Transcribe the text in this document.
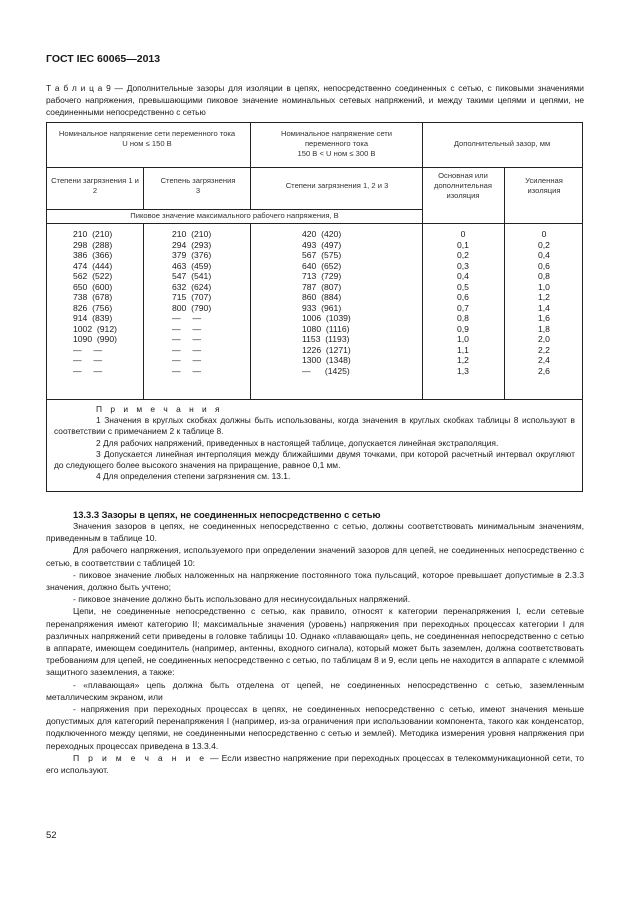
ГОСТ IEC 60065—2013
Т а б л и ц а 9 — Дополнительные зазоры для изоляции в цепях, непосредственно соединенных с сетью, с пиковыми значениями рабочего напряжения, превышающими пиковое значение номинальных сетевых напряжений, и между такими цепями и цепями, не соединенными непосредственно с сетью
Номинальное напряжение сети переменного тока
U ном ≤ 150 В
Номинальное напряжение сети переменного тока
150 В < U ном ≤ 300 В
Дополнительный зазор, мм
Степени загрязнения 1 и 2
Степень загрязнения 3
Степени загрязнения 1, 2 и 3
Основная или дополнительная изоляция
Усиленная изоляция
Пиковое значение максимального рабочего напряжения, В
210  (210)
298  (288)
386  (366)
474  (444)
562  (522)
650  (600)
738  (678)
826  (756)
914  (839)
1002  (912)
1090  (990)
—     —
—     —
—     —
210  (210)
294  (293)
379  (376)
463  (459)
547  (541)
632  (624)
715  (707)
800  (790)
—     —
—     —
—     —
—     —
—     —
—     —
420  (420)
493  (497)
567  (575)
640  (652)
713  (729)
787  (807)
860  (884)
933  (961)
1006  (1039)
1080  (1116)
1153  (1193)
1226  (1271)
1300  (1348)
—      (1425)
0
0,1
0,2
0,3
0,4
0,5
0,6
0,7
0,8
0,9
1,0
1,1
1,2
1,3
0
0,2
0,4
0,6
0,8
1,0
1,2
1,4
1,6
1,8
2,0
2,2
2,4
2,6
П р и м е ч а н и я
1 Значения в круглых скобках должны быть использованы, когда значения в круглых скобках таблицы 8 используют в соответствии с примечанием 2 к таблице 8.
2 Для рабочих напряжений, приведенных в настоящей таблице, допускается линейная экстраполяция.
3 Допускается линейная интерполяция между ближайшими двумя точками, при которой расчетный интервал округляют до следующего более высокого значения на приращение, равное 0,1 мм.
4 Для определения степени загрязнения см. 13.1.
13.3.3 Зазоры в цепях, не соединенных непосредственно с сетью

Значения зазоров в цепях, не соединенных непосредственно с сетью, должны соответствовать минимальным значениям, приведенным в таблице 10.

Для рабочего напряжения, используемого при определении значений зазоров для цепей, не соединенных непосредственно с сетью, в соответствии с таблицей 10:

- пиковое значение любых наложенных на напряжение постоянного тока пульсаций, которое превышает допустимые в 2.3.3 значения, должно быть учтено;

- пиковое значение должно быть использовано для несинусоидальных напряжений.

Цепи, не соединенные непосредственно с сетью, как правило, относят к категории перенапряжения I, если сетевые перенапряжения имеют категорию II; максимальные значения (уровень) напряжения при переходных процессах категории I для различных напряжений сети приведены в головке таблицы 10. Однако «плавающая» цепь, не соединенная непосредственно с сетью в аппарате, имеющем соединитель (например, антенны, входного сигнала), который может быть заземлен, должна соответствовать требованиям для цепей, не соединенных непосредственно с сетью, по таблицам 8 и 9, если цепь не находится в аппарате с клеммой защитного заземления, а также:

- «плавающая» цепь должна быть отделена от цепей, не соединенных непосредственно с сетью, заземленным металлическим экраном, или

- напряжения при переходных процессах в цепях, не соединенных непосредственно с сетью, имеют значения меньше допустимых для категорий перенапряжения I (например, из-за ограничения при использовании компонента, такого как конденсатор, подключенного между цепями, не соединенными непосредственно с сетью и землей). Методика измерения уровня напряжения при переходных процессах приведена в 13.3.4.

П р и м е ч а н и е — Если известно напряжение при переходных процессах в телекоммуникационной сети, то его используют.

52
